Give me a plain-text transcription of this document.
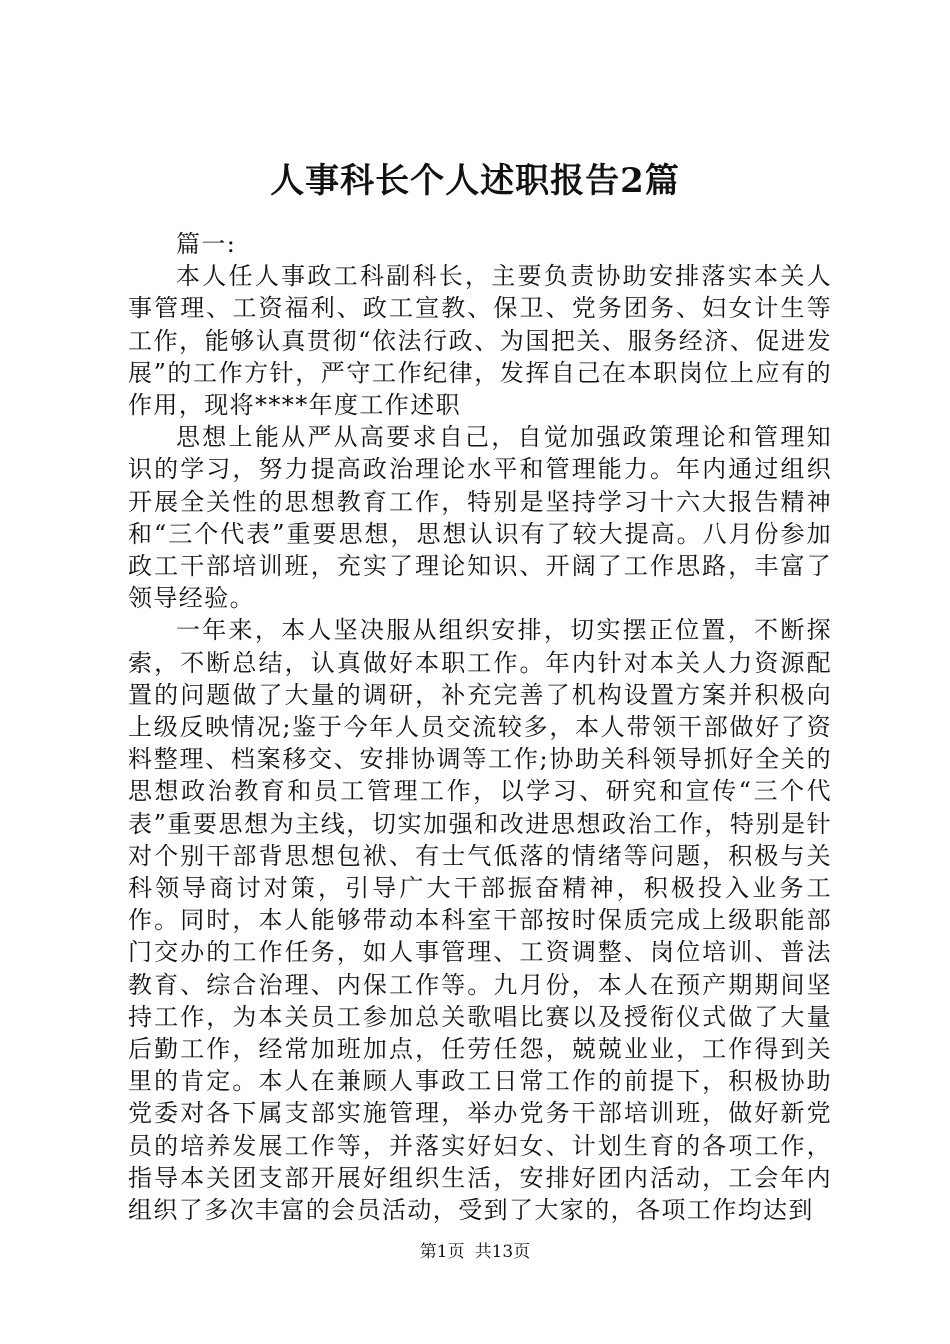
人事科长个人述职报告2篇

篇一:

本人任人事政工科副科长，主要负责协助安排落实本关人事管理、工资福利、政工宣教、保卫、党务团务、妇女计生等工作，能够认真贯彻“依法行政、为国把关、服务经济、促进发展”的工作方针，严守工作纪律，发挥自己在本职岗位上应有的作用，现将****年度工作述职

思想上能从严从高要求自己，自觉加强政策理论和管理知识的学习，努力提高政治理论水平和管理能力。年内通过组织开展全关性的思想教育工作，特别是坚持学习十六大报告精神和“三个代表”重要思想，思想认识有了较大提高。八月份参加政工干部培训班，充实了理论知识、开阔了工作思路，丰富了领导经验。

一年来，本人坚决服从组织安排，切实摆正位置，不断探索，不断总结，认真做好本职工作。年内针对本关人力资源配置的问题做了大量的调研，补充完善了机构设置方案并积极向上级反映情况;鉴于今年人员交流较多，本人带领干部做好了资料整理、档案移交、安排协调等工作;协助关科领导抓好全关的思想政治教育和员工管理工作，以学习、研究和宣传“三个代表”重要思想为主线，切实加强和改进思想政治工作，特别是针对个别干部背思想包袱、有士气低落的情绪等问题，积极与关科领导商讨对策，引导广大干部振奋精神，积极投入业务工作。同时，本人能够带动本科室干部按时保质完成上级职能部门交办的工作任务，如人事管理、工资调整、岗位培训、普法教育、综合治理、内保工作等。九月份，本人在预产期期间坚持工作，为本关员工参加总关歌唱比赛以及授衔仪式做了大量后勤工作，经常加班加点，任劳任怨，兢兢业业，工作得到关里的肯定。本人在兼顾人事政工日常工作的前提下，积极协助党委对各下属支部实施管理，举办党务干部培训班，做好新党员的培养发展工作等，并落实好妇女、计划生育的各项工作，指导本关团支部开展好组织生活，安排好团内活动，工会年内组织了多次丰富的会员活动，受到了大家的，各项工作均达到

第1页 共13页
